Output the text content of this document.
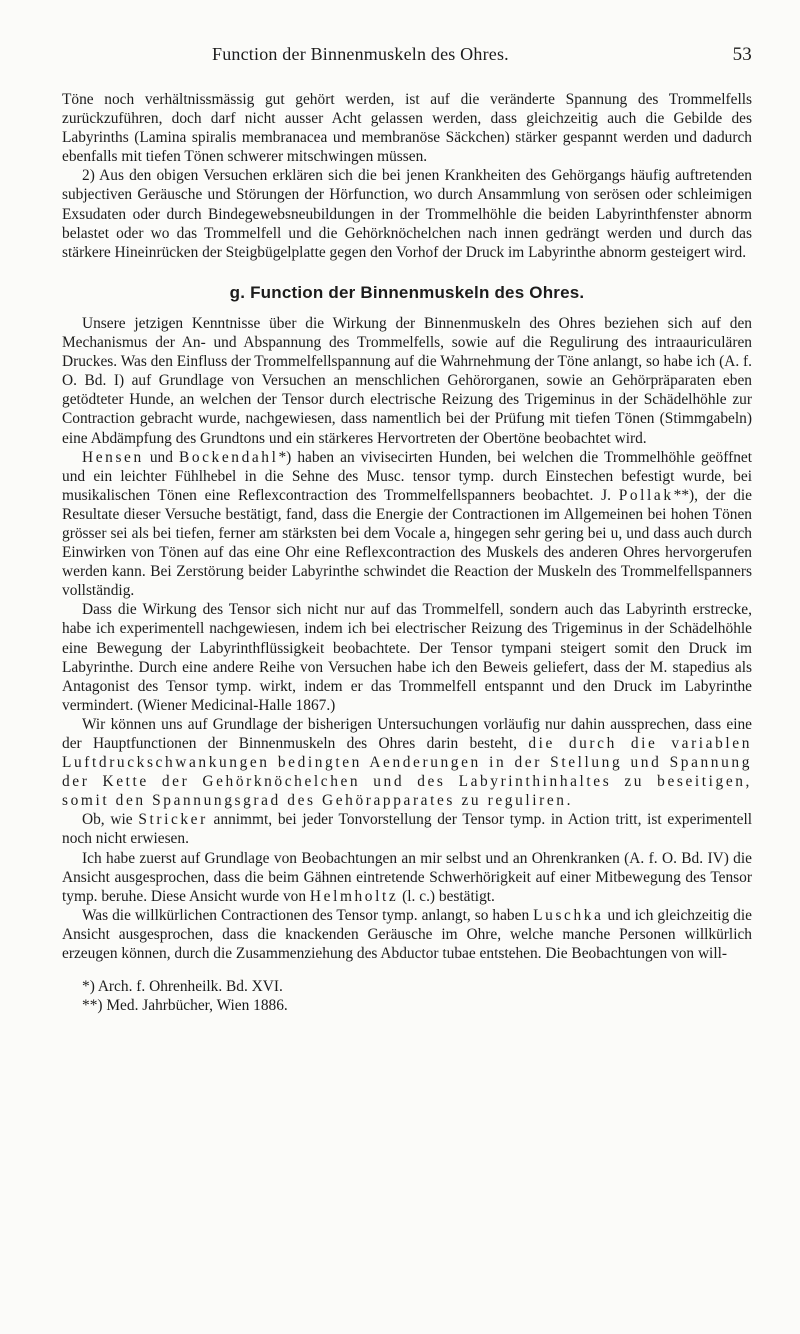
Function der Binnenmuskeln des Ohres.	53

Töne noch verhältnissmässig gut gehört werden, ist auf die veränderte Spannung des Trommelfells zurückzuführen, doch darf nicht ausser Acht gelassen werden, dass gleichzeitig auch die Gebilde des Labyrinths (Lamina spiralis membranacea und membranöse Säckchen) stärker gespannt werden und dadurch ebenfalls mit tiefen Tönen schwerer mitschwingen müssen.

2) Aus den obigen Versuchen erklären sich die bei jenen Krankheiten des Gehörgangs häufig auftretenden subjectiven Geräusche und Störungen der Hörfunction, wo durch Ansammlung von serösen oder schleimigen Exsudaten oder durch Bindegewebsneubildungen in der Trommelhöhle die beiden Labyrinthfenster abnorm belastet oder wo das Trommelfell und die Gehörknöchelchen nach innen gedrängt werden und durch das stärkere Hineinrücken der Steigbügelplatte gegen den Vorhof der Druck im Labyrinthe abnorm gesteigert wird.

g. Function der Binnenmuskeln des Ohres.

Unsere jetzigen Kenntnisse über die Wirkung der Binnenmuskeln des Ohres beziehen sich auf den Mechanismus der An- und Abspannung des Trommelfells, sowie auf die Regulirung des intraauriculären Druckes. Was den Einfluss der Trommelfellspannung auf die Wahrnehmung der Töne anlangt, so habe ich (A. f. O. Bd. I) auf Grundlage von Versuchen an menschlichen Gehörorganen, sowie an Gehörpräparaten eben getödteter Hunde, an welchen der Tensor durch electrische Reizung des Trigeminus in der Schädelhöhle zur Contraction gebracht wurde, nachgewiesen, dass namentlich bei der Prüfung mit tiefen Tönen (Stimmgabeln) eine Abdämpfung des Grundtons und ein stärkeres Hervortreten der Obertöne beobachtet wird.

Hensen und Bockendahl*) haben an vivisecirten Hunden, bei welchen die Trommelhöhle geöffnet und ein leichter Fühlhebel in die Sehne des Musc. tensor tymp. durch Einstechen befestigt wurde, bei musikalischen Tönen eine Reflexcontraction des Trommelfellspanners beobachtet. J. Pollak**), der die Resultate dieser Versuche bestätigt, fand, dass die Energie der Contractionen im Allgemeinen bei hohen Tönen grösser sei als bei tiefen, ferner am stärksten bei dem Vocale a, hingegen sehr gering bei u, und dass auch durch Einwirken von Tönen auf das eine Ohr eine Reflexcontraction des Muskels des anderen Ohres hervorgerufen werden kann. Bei Zerstörung beider Labyrinthe schwindet die Reaction der Muskeln des Trommelfellspanners vollständig.

Dass die Wirkung des Tensor sich nicht nur auf das Trommelfell, sondern auch das Labyrinth erstrecke, habe ich experimentell nachgewiesen, indem ich bei electrischer Reizung des Trigeminus in der Schädelhöhle eine Bewegung der Labyrinthflüssigkeit beobachtete. Der Tensor tympani steigert somit den Druck im Labyrinthe. Durch eine andere Reihe von Versuchen habe ich den Beweis geliefert, dass der M. stapedius als Antagonist des Tensor tymp. wirkt, indem er das Trommelfell entspannt und den Druck im Labyrinthe vermindert. (Wiener Medicinal-Halle 1867.)

Wir können uns auf Grundlage der bisherigen Untersuchungen vorläufig nur dahin aussprechen, dass eine der Hauptfunctionen der Binnenmuskeln des Ohres darin besteht, die durch die variablen Luftdruckschwankungen bedingten Aenderungen in der Stellung und Spannung der Kette der Gehörknöchelchen und des Labyrinthinhaltes zu beseitigen, somit den Spannungsgrad des Gehörapparates zu reguliren.

Ob, wie Stricker annimmt, bei jeder Tonvorstellung der Tensor tymp. in Action tritt, ist experimentell noch nicht erwiesen.

Ich habe zuerst auf Grundlage von Beobachtungen an mir selbst und an Ohrenkranken (A. f. O. Bd. IV) die Ansicht ausgesprochen, dass die beim Gähnen eintretende Schwerhörigkeit auf einer Mitbewegung des Tensor tymp. beruhe. Diese Ansicht wurde von Helmholtz (l. c.) bestätigt.

Was die willkürlichen Contractionen des Tensor tymp. anlangt, so haben Luschka und ich gleichzeitig die Ansicht ausgesprochen, dass die knackenden Geräusche im Ohre, welche manche Personen willkürlich erzeugen können, durch die Zusammenziehung des Abductor tubae entstehen. Die Beobachtungen von will-

*) Arch. f. Ohrenheilk. Bd. XVI.
**) Med. Jahrbücher, Wien 1886.
